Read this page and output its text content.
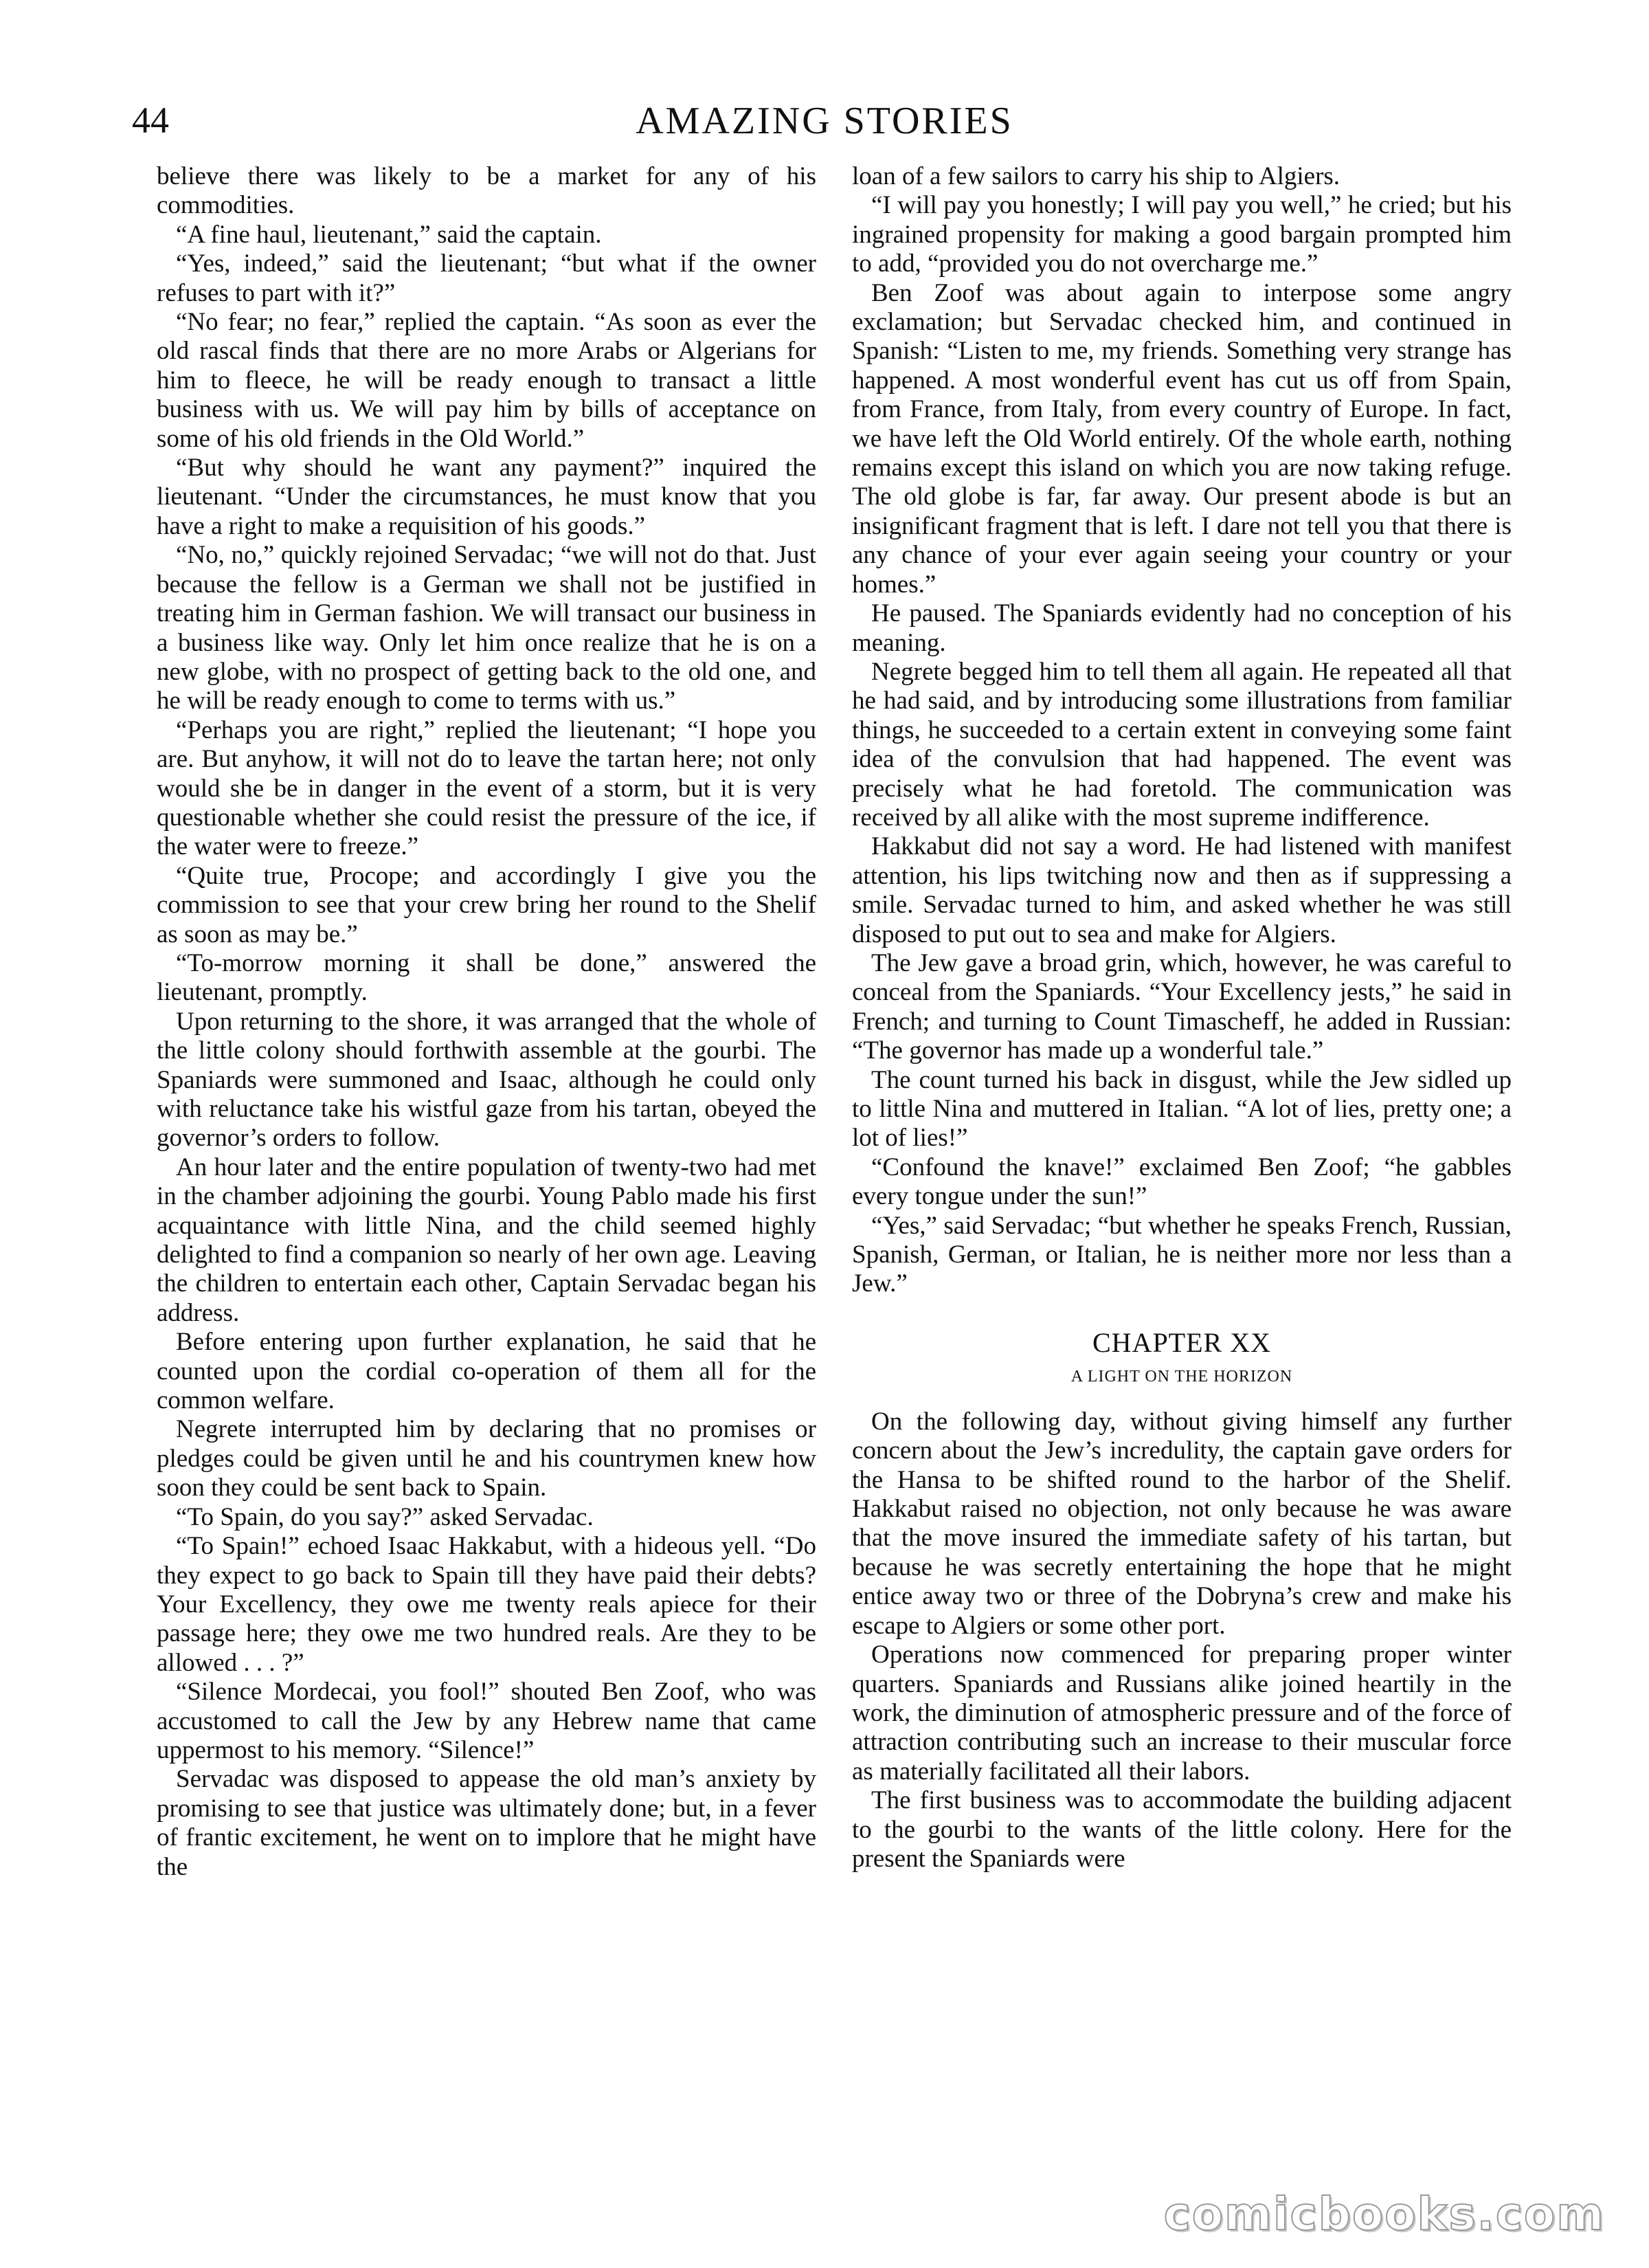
44	AMAZING STORIES

believe there was likely to be a market for any of his commodities.

“A fine haul, lieutenant,” said the captain.

“Yes, indeed,” said the lieutenant; “but what if the owner refuses to part with it?”

“No fear; no fear,” replied the captain. “As soon as ever the old rascal finds that there are no more Arabs or Algerians for him to fleece, he will be ready enough to transact a little business with us. We will pay him by bills of acceptance on some of his old friends in the Old World.”

“But why should he want any payment?” inquired the lieutenant. “Under the circumstances, he must know that you have a right to make a requisition of his goods.”

“No, no,” quickly rejoined Servadac; “we will not do that. Just because the fellow is a German we shall not be justified in treating him in German fashion. We will transact our business in a business like way. Only let him once realize that he is on a new globe, with no prospect of getting back to the old one, and he will be ready enough to come to terms with us.”

“Perhaps you are right,” replied the lieutenant; “I hope you are. But anyhow, it will not do to leave the tartan here; not only would she be in danger in the event of a storm, but it is very questionable whether she could resist the pressure of the ice, if the water were to freeze.”

“Quite true, Procope; and accordingly I give you the commission to see that your crew bring her round to the Shelif as soon as may be.”

“To-morrow morning it shall be done,” answered the lieutenant, promptly.

Upon returning to the shore, it was arranged that the whole of the little colony should forthwith assemble at the gourbi. The Spaniards were summoned and Isaac, although he could only with reluctance take his wistful gaze from his tartan, obeyed the governor’s orders to follow.

An hour later and the entire population of twenty-two had met in the chamber adjoining the gourbi. Young Pablo made his first acquaintance with little Nina, and the child seemed highly delighted to find a companion so nearly of her own age. Leaving the children to entertain each other, Captain Servadac began his address.

Before entering upon further explanation, he said that he counted upon the cordial co-operation of them all for the common welfare.

Negrete interrupted him by declaring that no promises or pledges could be given until he and his countrymen knew how soon they could be sent back to Spain.

“To Spain, do you say?” asked Servadac.

“To Spain!” echoed Isaac Hakkabut, with a hideous yell. “Do they expect to go back to Spain till they have paid their debts? Your Excellency, they owe me twenty reals apiece for their passage here; they owe me two hundred reals. Are they to be allowed . . . ?”

“Silence Mordecai, you fool!” shouted Ben Zoof, who was accustomed to call the Jew by any Hebrew name that came uppermost to his memory. “Silence!”

Servadac was disposed to appease the old man’s anxiety by promising to see that justice was ultimately done; but, in a fever of frantic excitement, he went on to implore that he might have the

loan of a few sailors to carry his ship to Algiers.

“I will pay you honestly; I will pay you well,” he cried; but his ingrained propensity for making a good bargain prompted him to add, “provided you do not overcharge me.”

Ben Zoof was about again to interpose some angry exclamation; but Servadac checked him, and continued in Spanish: “Listen to me, my friends. Something very strange has happened. A most wonderful event has cut us off from Spain, from France, from Italy, from every country of Europe. In fact, we have left the Old World entirely. Of the whole earth, nothing remains except this island on which you are now taking refuge. The old globe is far, far away. Our present abode is but an insignificant fragment that is left. I dare not tell you that there is any chance of your ever again seeing your country or your homes.”

He paused. The Spaniards evidently had no conception of his meaning.

Negrete begged him to tell them all again. He repeated all that he had said, and by introducing some illustrations from familiar things, he succeeded to a certain extent in conveying some faint idea of the convulsion that had happened. The event was precisely what he had foretold. The communication was received by all alike with the most supreme indifference.

Hakkabut did not say a word. He had listened with manifest attention, his lips twitching now and then as if suppressing a smile. Servadac turned to him, and asked whether he was still disposed to put out to sea and make for Algiers.

The Jew gave a broad grin, which, however, he was careful to conceal from the Spaniards. “Your Excellency jests,” he said in French; and turning to Count Timascheff, he added in Russian: “The governor has made up a wonderful tale.”

The count turned his back in disgust, while the Jew sidled up to little Nina and muttered in Italian. “A lot of lies, pretty one; a lot of lies!”

“Confound the knave!” exclaimed Ben Zoof; “he gabbles every tongue under the sun!”

“Yes,” said Servadac; “but whether he speaks French, Russian, Spanish, German, or Italian, he is neither more nor less than a Jew.”

CHAPTER XX
A LIGHT ON THE HORIZON

On the following day, without giving himself any further concern about the Jew’s incredulity, the captain gave orders for the Hansa to be shifted round to the harbor of the Shelif. Hakkabut raised no objection, not only because he was aware that the move insured the immediate safety of his tartan, but because he was secretly entertaining the hope that he might entice away two or three of the Dobryna’s crew and make his escape to Algiers or some other port.

Operations now commenced for preparing proper winter quarters. Spaniards and Russians alike joined heartily in the work, the diminution of atmospheric pressure and of the force of attraction contributing such an increase to their muscular force as materially facilitated all their labors.

The first business was to accommodate the building adjacent to the gourbi to the wants of the little colony. Here for the present the Spaniards were

comicbooks.com
